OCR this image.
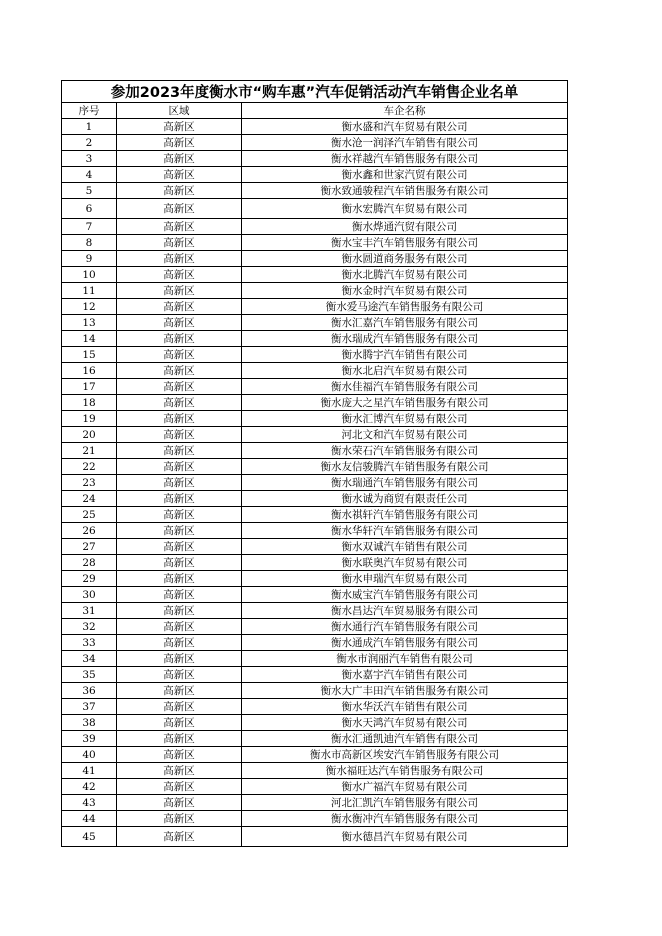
参加2023年度衡水市“购车惠”汽车促销活动汽车销售企业名单		
序号	区域	车企名称
1	高新区	衡水盛和汽车贸易有限公司
2	高新区	衡水沧一润泽汽车销售有限公司
3	高新区	衡水祥越汽车销售服务有限公司
4	高新区	衡水鑫和世家汽贸有限公司
5	高新区	衡水致通骏程汽车销售服务有限公司
6	高新区	衡水宏腾汽车贸易有限公司
7	高新区	衡水烨通汽贸有限公司
8	高新区	衡水宝丰汽车销售服务有限公司
9	高新区	衡水圆道商务服务有限公司
10	高新区	衡水北腾汽车贸易有限公司
11	高新区	衡水金时汽车贸易有限公司
12	高新区	衡水爱马途汽车销售服务有限公司
13	高新区	衡水汇嘉汽车销售服务有限公司
14	高新区	衡水瑞成汽车销售服务有限公司
15	高新区	衡水腾宇汽车销售有限公司
16	高新区	衡水北启汽车贸易有限公司
17	高新区	衡水佳福汽车销售服务有限公司
18	高新区	衡水庞大之星汽车销售服务有限公司
19	高新区	衡水汇博汽车贸易有限公司
20	高新区	河北文和汽车贸易有限公司
21	高新区	衡水荣石汽车销售服务有限公司
22	高新区	衡水友信骏腾汽车销售服务有限公司
23	高新区	衡水瑞通汽车销售服务有限公司
24	高新区	衡水诚为商贸有限责任公司
25	高新区	衡水祺轩汽车销售服务有限公司
26	高新区	衡水华轩汽车销售服务有限公司
27	高新区	衡水双诚汽车销售有限公司
28	高新区	衡水联奥汽车贸易有限公司
29	高新区	衡水申瑞汽车贸易有限公司
30	高新区	衡水威宝汽车销售服务有限公司
31	高新区	衡水昌达汽车贸易服务有限公司
32	高新区	衡水通行汽车销售服务有限公司
33	高新区	衡水通成汽车销售服务有限公司
34	高新区	衡水市润丽汽车销售有限公司
35	高新区	衡水嘉宇汽车销售有限公司
36	高新区	衡水大广丰田汽车销售服务有限公司
37	高新区	衡水华沃汽车销售有限公司
38	高新区	衡水天鸿汽车贸易有限公司
39	高新区	衡水汇通凯迪汽车销售有限公司
40	高新区	衡水市高新区埃安汽车销售服务有限公司
41	高新区	衡水福旺达汽车销售服务有限公司
42	高新区	衡水广福汽车贸易有限公司
43	高新区	河北汇凯汽车销售服务有限公司
44	高新区	衡水衡冲汽车销售服务有限公司
45	高新区	衡水德昌汽车贸易有限公司
